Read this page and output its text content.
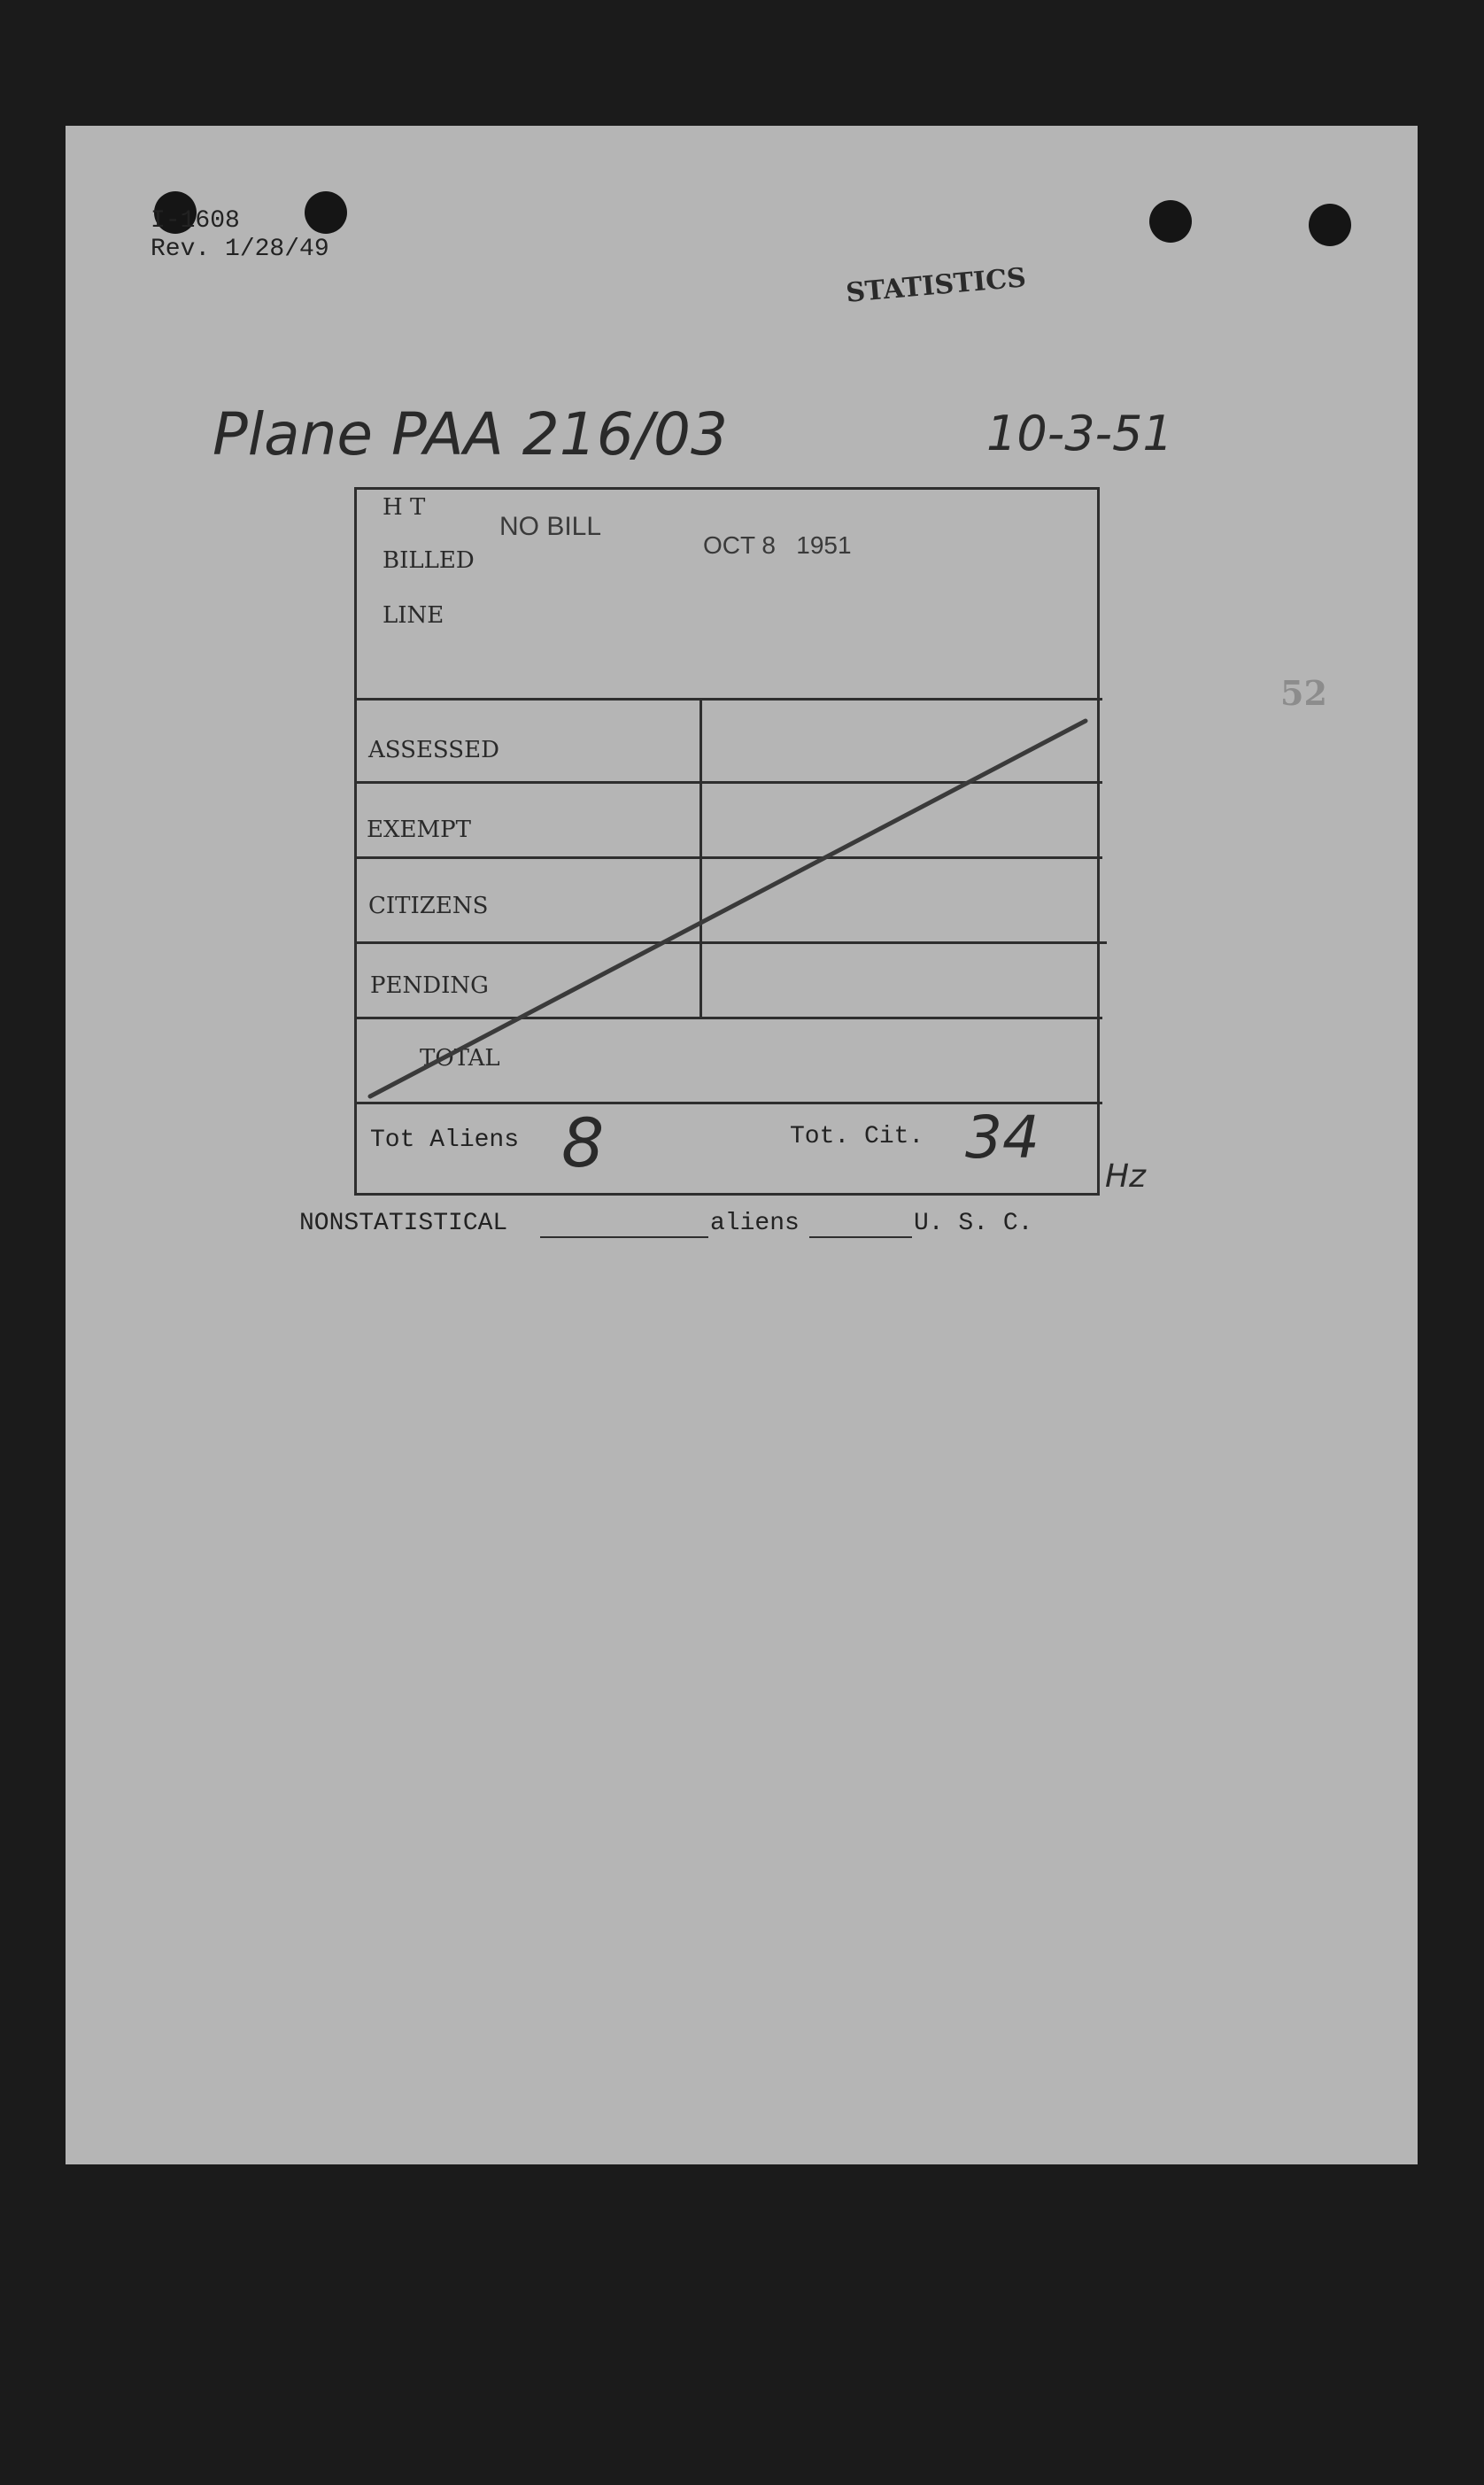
I-1608
Rev. 1/28/49
STATISTICS
Plane PAA 216/03	10-3-51
52
H T
BILLED
LINE
NO BILL
OCT 8   1951
ASSESSED
EXEMPT
CITIZENS
PENDING
TOTAL
Tot Aliens 8	Tot. Cit. 34
Hz
NONSTATISTICAL	aliens	U. S. C.
